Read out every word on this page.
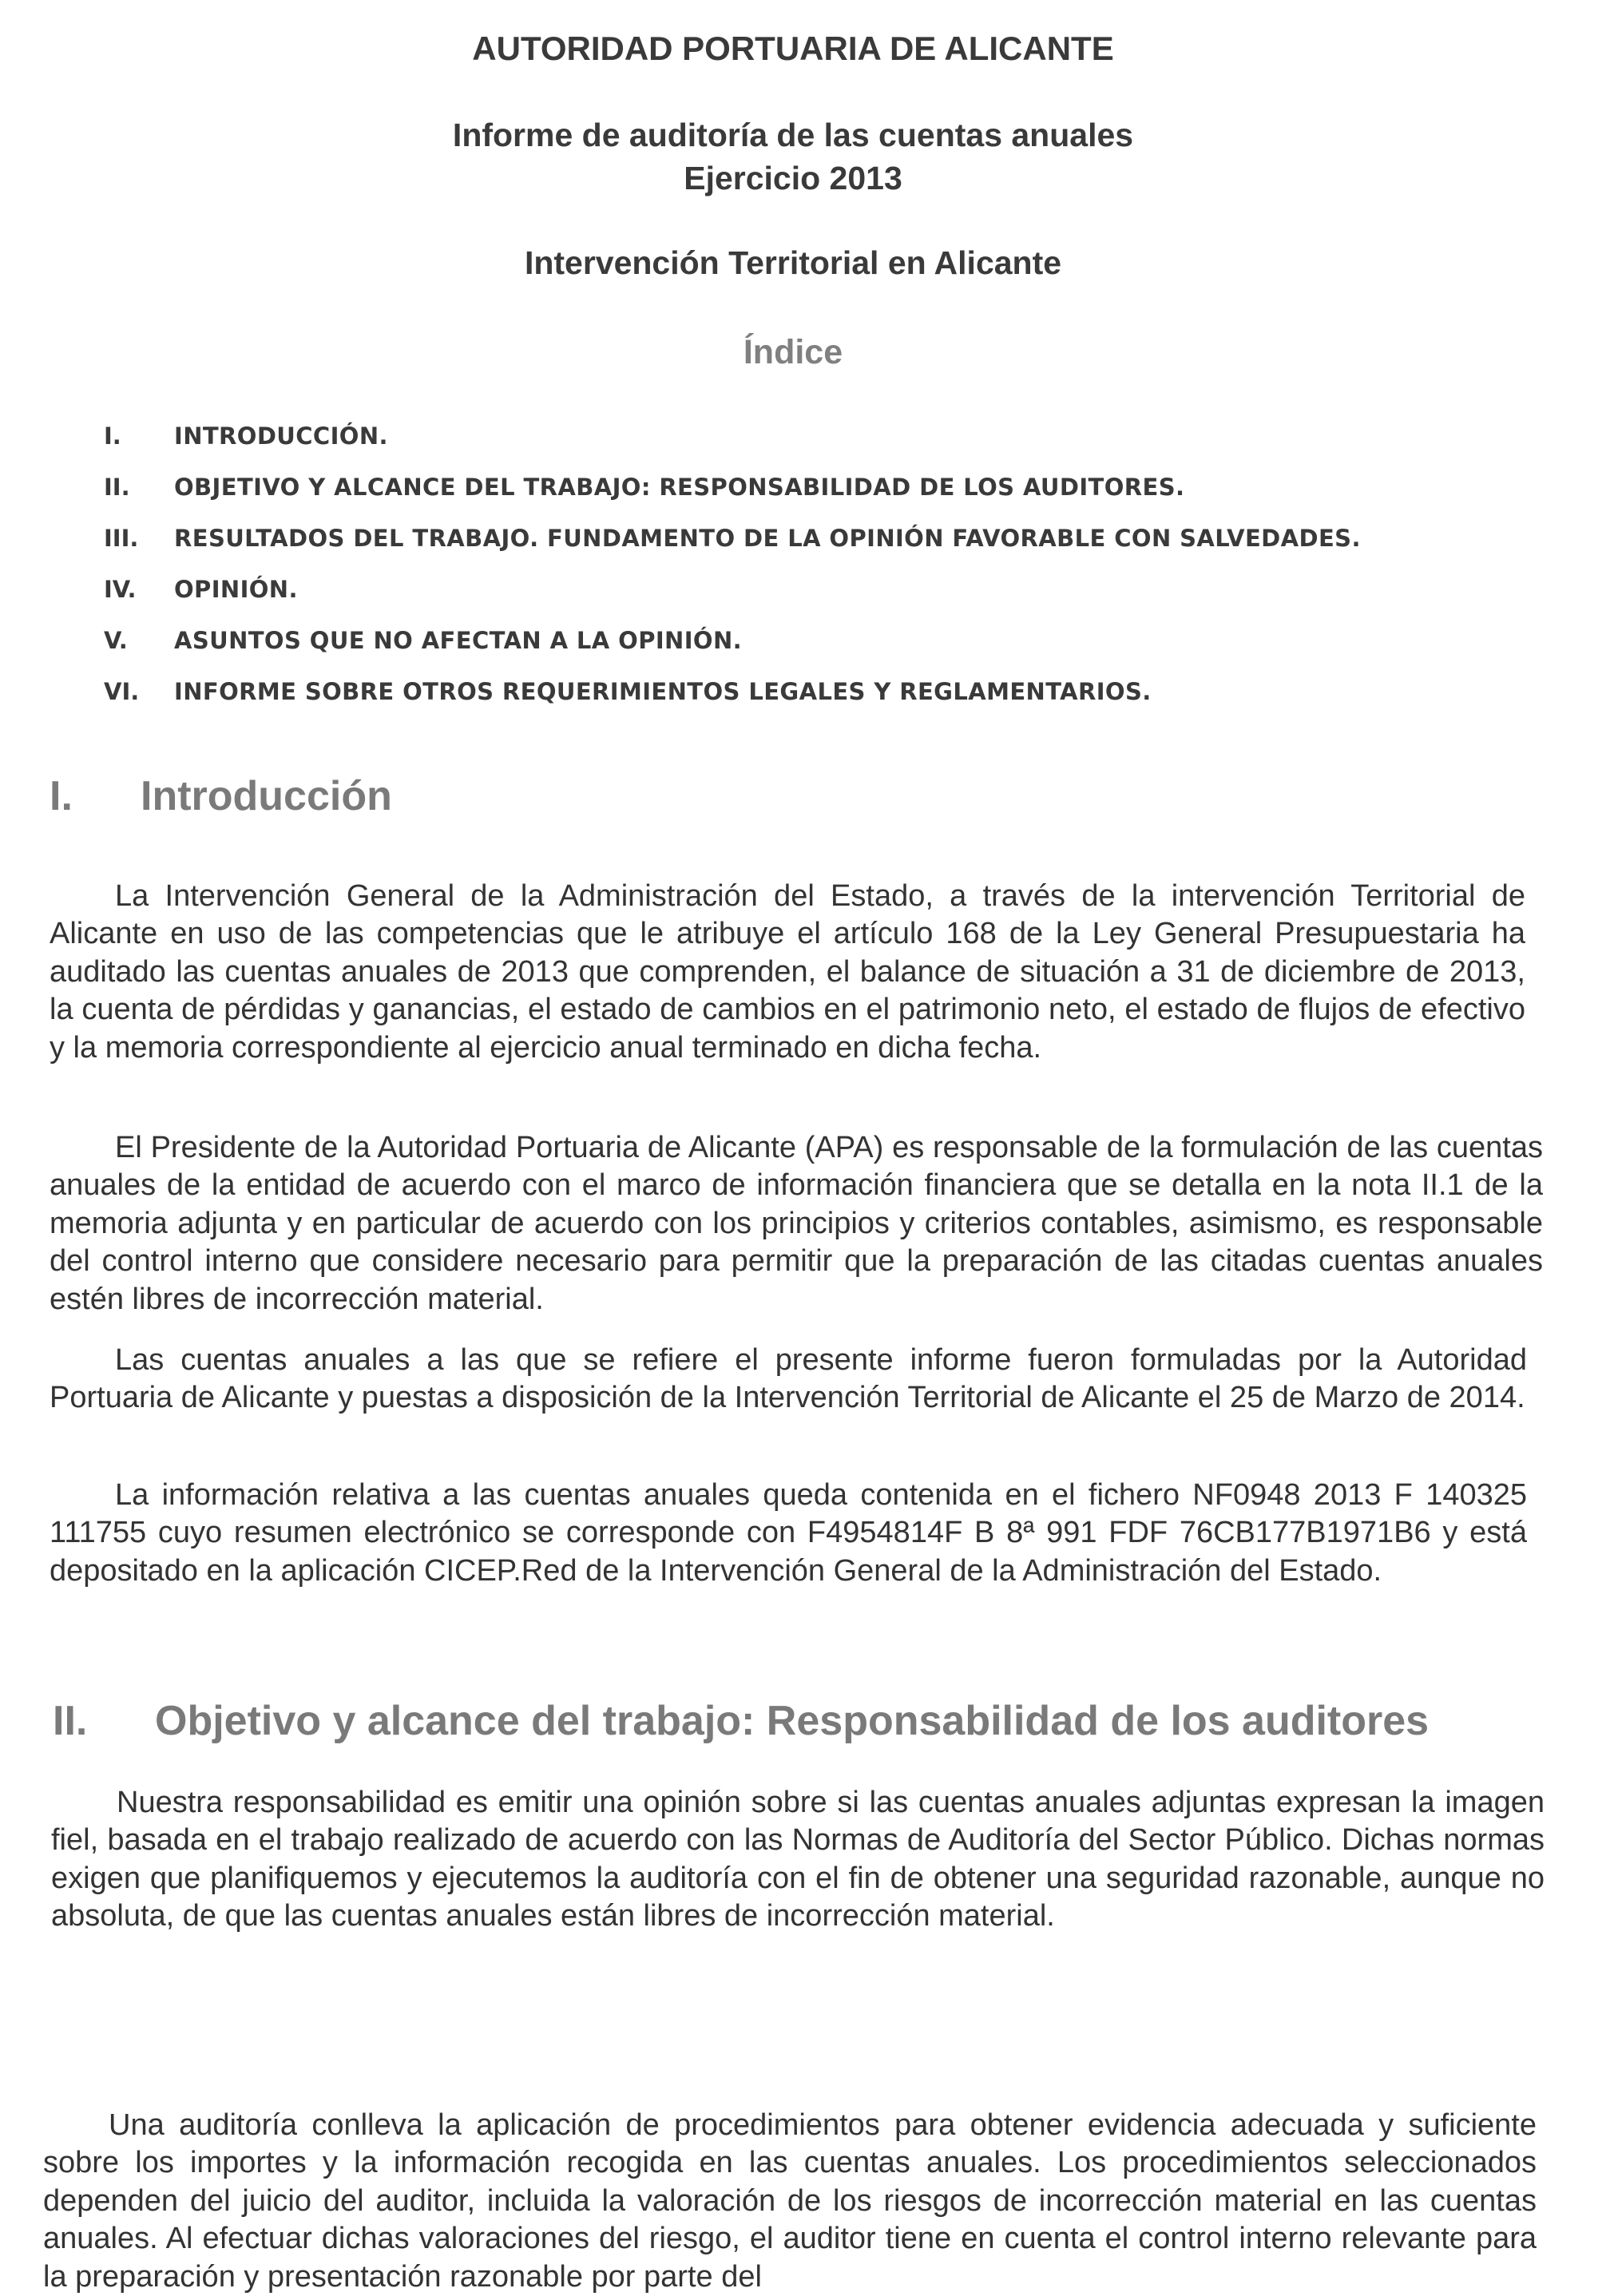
AUTORIDAD PORTUARIA DE ALICANTE
Informe de auditoría de las cuentas anuales
Ejercicio 2013
Intervención Territorial en Alicante
Índice
I.	INTRODUCCIÓN.
II.	OBJETIVO Y ALCANCE DEL TRABAJO: RESPONSABILIDAD DE LOS AUDITORES.
III.	RESULTADOS DEL TRABAJO. FUNDAMENTO DE LA OPINIÓN FAVORABLE CON SALVEDADES.
IV.	OPINIÓN.
V.	ASUNTOS QUE NO AFECTAN A LA OPINIÓN.
VI.	INFORME SOBRE OTROS REQUERIMIENTOS LEGALES Y REGLAMENTARIOS.
I. Introducción

La Intervención General de la Administración del Estado, a través de la intervención Territorial de Alicante en uso de las competencias que le atribuye el artículo 168 de la Ley General Presupuestaria ha auditado las cuentas anuales de 2013 que comprenden, el balance de situación a 31 de diciembre de 2013, la cuenta de pérdidas y ganancias, el estado de cambios en el patrimonio neto, el estado de flujos de efectivo y la memoria correspondiente al ejercicio anual terminado en dicha fecha.

El Presidente de la Autoridad Portuaria de Alicante (APA) es responsable de la formulación de las cuentas anuales de la entidad de acuerdo con el marco de información financiera que se detalla en la nota II.1 de la memoria adjunta y en particular de acuerdo con los principios y criterios contables, asimismo, es responsable del control interno que considere necesario para permitir que la preparación de las citadas cuentas anuales estén libres de incorrección material.

Las cuentas anuales a las que se refiere el presente informe fueron formuladas por la Autoridad Portuaria de Alicante y puestas a disposición de la Intervención Territorial de Alicante el 25 de Marzo de 2014.

La información relativa a las cuentas anuales queda contenida en el fichero NF0948 2013 F 140325 111755 cuyo resumen electrónico se corresponde con F4954814F B 8ª 991 FDF 76CB177B1971B6 y está depositado en la aplicación CICEP.Red de la Intervención General de la Administración del Estado.

II. Objetivo y alcance del trabajo: Responsabilidad de los auditores

Nuestra responsabilidad es emitir una opinión sobre si las cuentas anuales adjuntas expresan la imagen fiel, basada en el trabajo realizado de acuerdo con las Normas de Auditoría del Sector Público. Dichas normas exigen que planifiquemos y ejecutemos la auditoría con el fin de obtener una seguridad razonable, aunque no absoluta, de que las cuentas anuales están libres de incorrección material.

Una auditoría conlleva la aplicación de procedimientos para obtener evidencia adecuada y suficiente sobre los importes y la información recogida en las cuentas anuales. Los procedimientos seleccionados dependen del juicio del auditor, incluida la valoración de los riesgos de incorrección material en las cuentas anuales. Al efectuar dichas valoraciones del riesgo, el auditor tiene en cuenta el control interno relevante para la preparación y presentación razonable por parte del
